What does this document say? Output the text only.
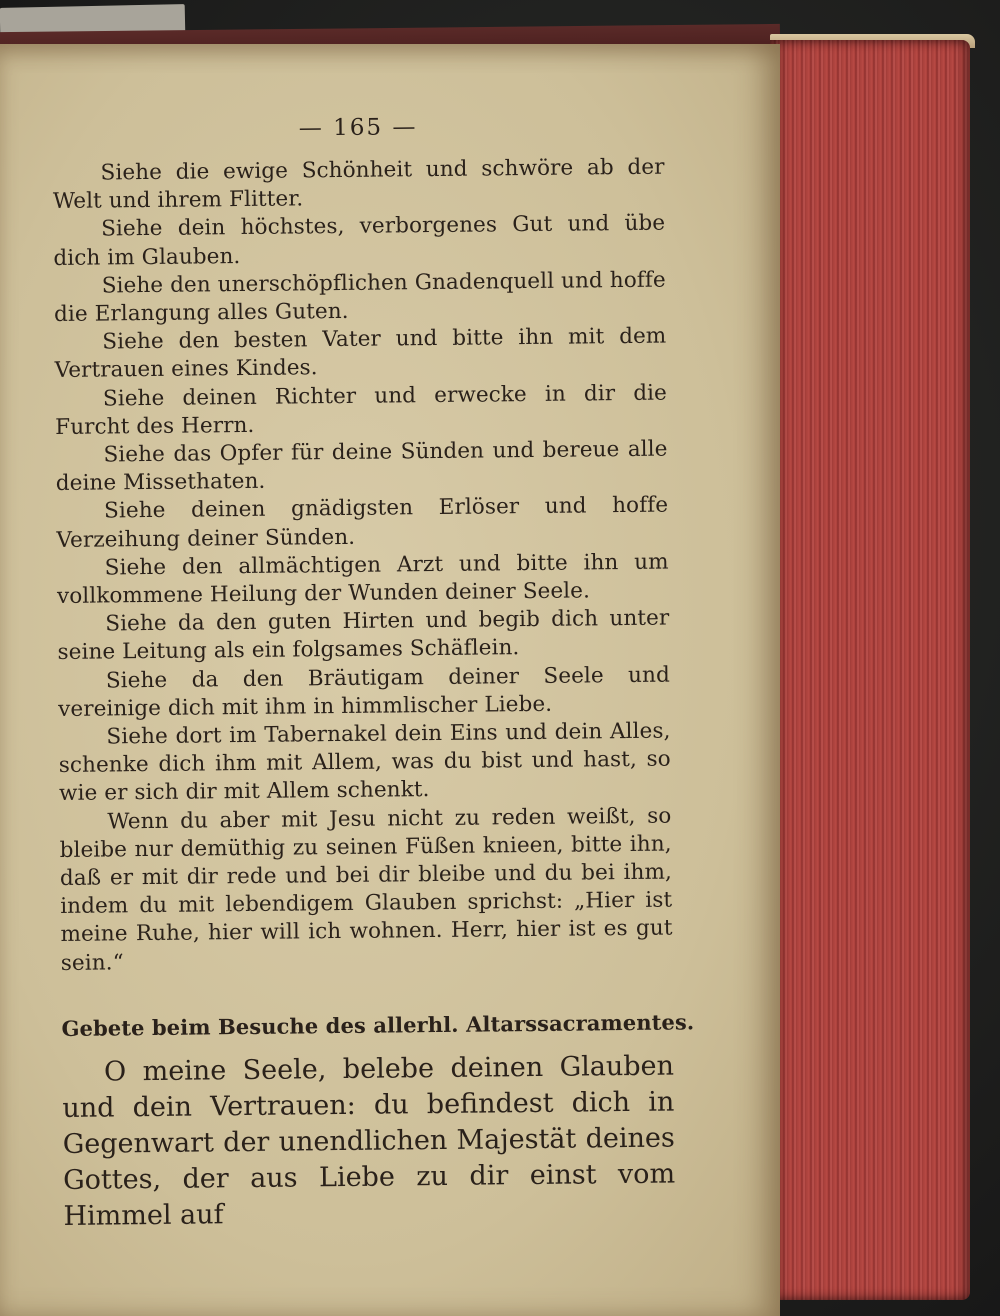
— 165 —

Siehe die ewige Schönheit und schwöre ab der Welt und ihrem Flitter.

Siehe dein höchstes, verborgenes Gut und übe dich im Glauben.

Siehe den unerschöpflichen Gnadenquell und hoffe die Erlangung alles Guten.

Siehe den besten Vater und bitte ihn mit dem Vertrauen eines Kindes.

Siehe deinen Richter und erwecke in dir die Furcht des Herrn.

Siehe das Opfer für deine Sünden und bereue alle deine Missethaten.

Siehe deinen gnädigsten Erlöser und hoffe Verzeihung deiner Sünden.

Siehe den allmächtigen Arzt und bitte ihn um vollkommene Heilung der Wunden deiner Seele.

Siehe da den guten Hirten und begib dich unter seine Leitung als ein folgsames Schäflein.

Siehe da den Bräutigam deiner Seele und vereinige dich mit ihm in himmlischer Liebe.

Siehe dort im Tabernakel dein Eins und dein Alles, schenke dich ihm mit Allem, was du bist und hast, so wie er sich dir mit Allem schenkt.

Wenn du aber mit Jesu nicht zu reden weißt, so bleibe nur demüthig zu seinen Füßen knieen, bitte ihn, daß er mit dir rede und bei dir bleibe und du bei ihm, indem du mit lebendigem Glauben sprichst: „Hier ist meine Ruhe, hier will ich wohnen. Herr, hier ist es gut sein.“

Gebete beim Besuche des allerhl. Altarssacramentes.

O meine Seele, belebe deinen Glauben und dein Vertrauen: du befindest dich in Gegenwart der unendlichen Majestät deines Gottes, der aus Liebe zu dir einst vom Himmel auf
